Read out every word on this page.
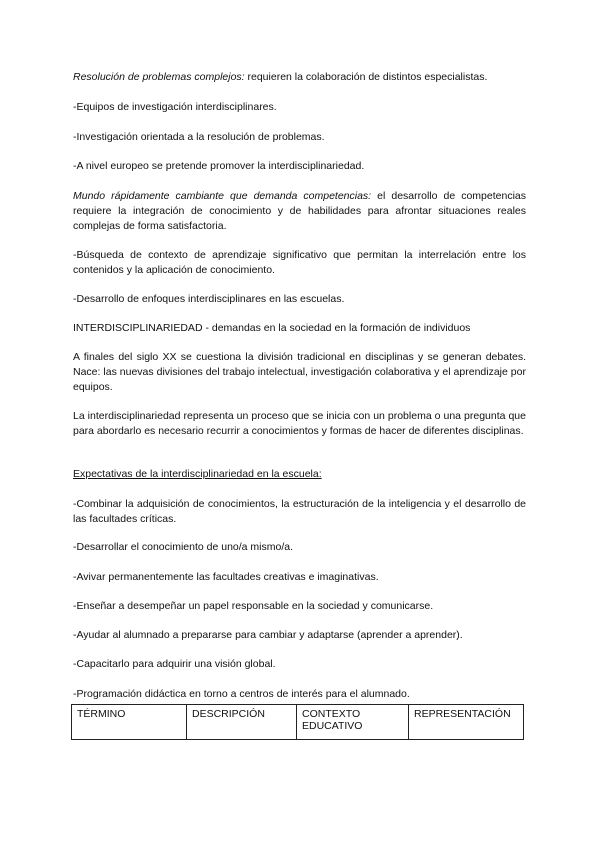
Resolución de problemas complejos: requieren la colaboración de distintos especialistas.

-Equipos de investigación interdisciplinares.

-Investigación orientada a la resolución de problemas.

-A nivel europeo se pretende promover la interdisciplinariedad.

Mundo rápidamente cambiante que demanda competencias: el desarrollo de competencias requiere la integración de conocimiento y de habilidades para afrontar situaciones reales complejas de forma satisfactoria.

-Búsqueda de contexto de aprendizaje significativo que permitan la interrelación entre los contenidos y la aplicación de conocimiento.

-Desarrollo de enfoques interdisciplinares en las escuelas.

INTERDISCIPLINARIEDAD - demandas en la sociedad en la formación de individuos

A finales del siglo XX se cuestiona la división tradicional en disciplinas y se generan debates. Nace: las nuevas divisiones del trabajo intelectual, investigación colaborativa y el aprendizaje por equipos.

La interdisciplinariedad representa un proceso que se inicia con un problema o una pregunta que para abordarlo es necesario recurrir a conocimientos y formas de hacer de diferentes disciplinas.

Expectativas de la interdisciplinariedad en la escuela:

-Combinar la adquisición de conocimientos, la estructuración de la inteligencia y el desarrollo de las facultades críticas.

-Desarrollar el conocimiento de uno/a mismo/a.

-Avivar permanentemente las facultades creativas e imaginativas.

-Enseñar a desempeñar un papel responsable en la sociedad y comunicarse.

-Ayudar al alumnado a prepararse para cambiar y adaptarse (aprender a aprender).

-Capacitarlo para adquirir una visión global.

-Programación didáctica en torno a centros de interés para el alumnado.

TÉRMINO	DESCRIPCIÓN	CONTEXTO EDUCATIVO	REPRESENTACIÓN
